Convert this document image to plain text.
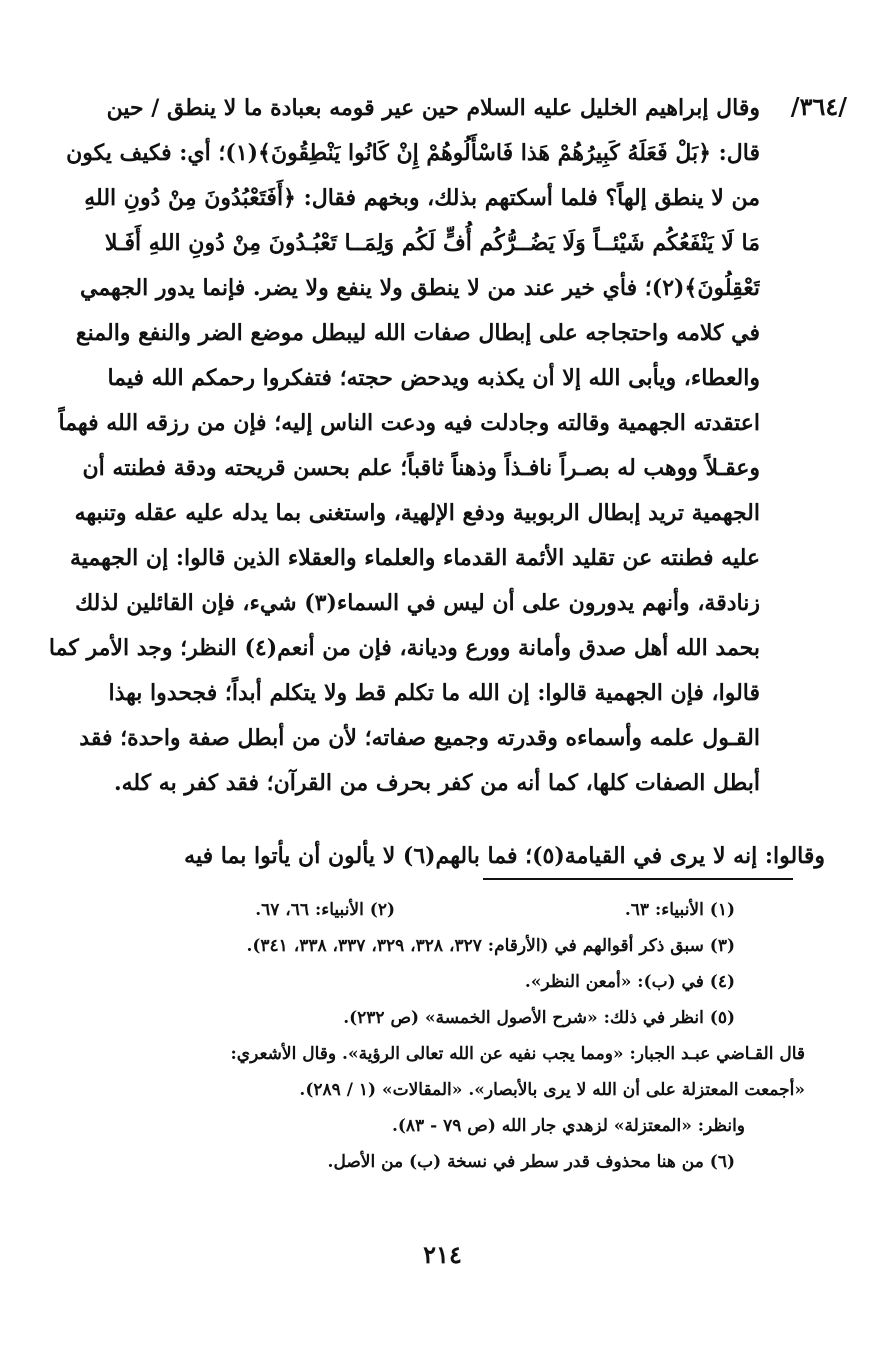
/٣٦٤/
وقال إبراهيم الخليل عليه السلام حين عير قومه بعبادة ما لا ينطق / حين
قال: ﴿بَلْ فَعَلَهُ كَبِيرُهُمْ هَذا فَاسْأَلُوهُمْ إِنْ كَانُوا يَنْطِقُونَ﴾(١)؛ أي: فكيف يكون
من لا ينطق إلهاً؟ فلما أسكتهم بذلك، وبخهم فقال: ﴿أَفَتَعْبُدُونَ مِنْ دُونِ اللهِ
مَا لَا يَنْفَعُكُم شَيْئــاً وَلَا يَضُــرُّكُم أُفٍّ لَكُم وَلِمَــا تَعْبُـدُونَ مِنْ دُونِ اللهِ أَفَـلا
تَعْقِلُونَ﴾(٢)؛ فأي خير عند من لا ينطق ولا ينفع ولا يضر. فإنما يدور الجهمي
في كلامه واحتجاجه على إبطال صفات الله ليبطل موضع الضر والنفع والمنع
والعطاء، ويأبى الله إلا أن يكذبه ويدحض حجته؛ فتفكروا رحمكم الله فيما
اعتقدته الجهمية وقالته وجادلت فيه ودعت الناس إليه؛ فإن من رزقه الله فهماً
وعقـلاً ووهب له بصـراً نافـذاً وذهناً ثاقباً؛ علم بحسن قريحته ودقة فطنته أن
الجهمية تريد إبطال الربوبية ودفع الإلهية، واستغنى بما يدله عليه عقله وتنبهه
عليه فطنته عن تقليد الأئمة القدماء والعلماء والعقلاء الذين قالوا: إن الجهمية
زنادقة، وأنهم يدورون على أن ليس في السماء(٣) شيء، فإن القائلين لذلك
بحمد الله أهل صدق وأمانة وورع وديانة، فإن من أنعم(٤) النظر؛ وجد الأمر كما
قالوا، فإن الجهمية قالوا: إن الله ما تكلم قط ولا يتكلم أبداً؛ فجحدوا بهذا
القـول علمه وأسماءه وقدرته وجميع صفاته؛ لأن من أبطل صفة واحدة؛ فقد
أبطل الصفات كلها، كما أنه من كفر بحرف من القرآن؛ فقد كفر به كله.
وقالوا: إنه لا يرى في القيامة(٥)؛ فما بالهم(٦) لا يألون أن يأتوا بما فيه
(١) الأنبياء: ٦٣.
(٢) الأنبياء: ٦٦، ٦٧.
(٣) سبق ذكر أقوالهم في (الأرقام: ٣٢٧، ٣٢٨، ٣٢٩، ٣٣٧، ٣٣٨، ٣٤١).
(٤) في (ب): «أمعن النظر».
(٥) انظر في ذلك: «شرح الأصول الخمسة» (ص ٢٣٢).
قال القـاضي عبـد الجبار: «ومما يجب نفيه عن الله تعالى الرؤية». وقال الأشعري:
«أجمعت المعتزلة على أن الله لا يرى بالأبصار». «المقالات» (١ / ٢٨٩).
وانظر: «المعتزلة» لزهدي جار الله (ص ٧٩ - ٨٣).
(٦) من هنا محذوف قدر سطر في نسخة (ب) من الأصل.
٢١٤
